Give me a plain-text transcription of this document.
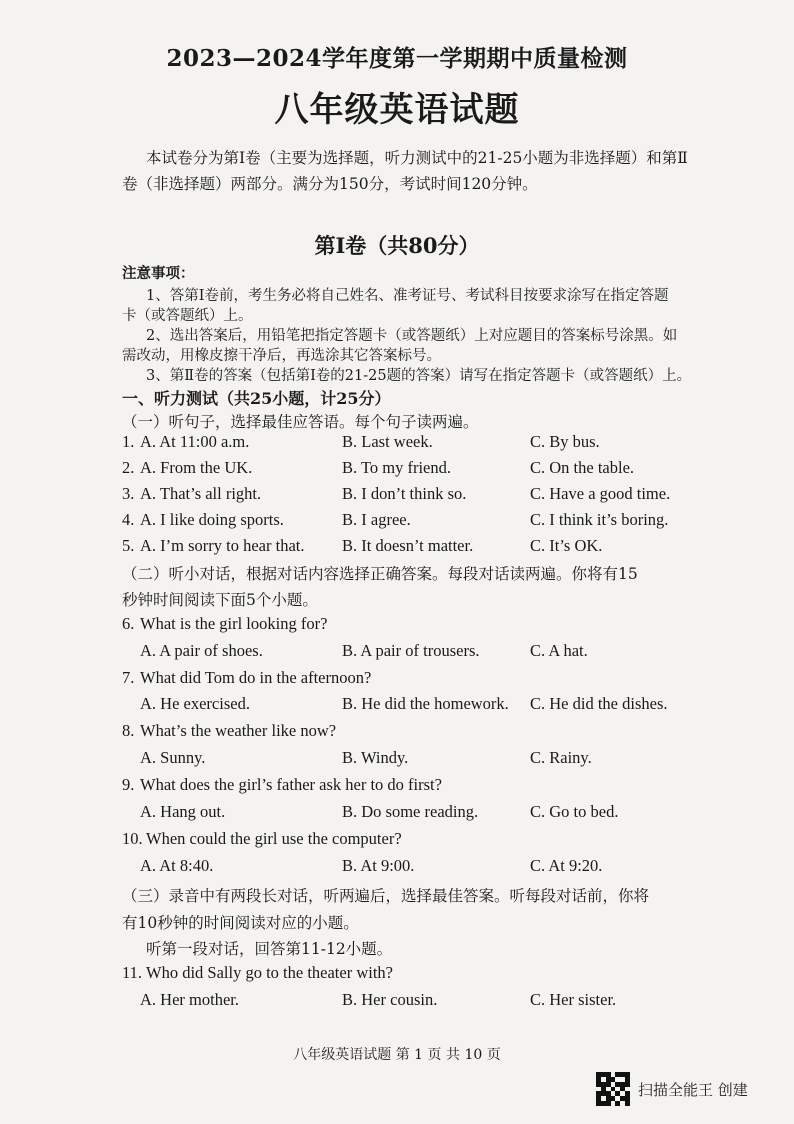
2023—2024学年度第一学期期中质量检测
八年级英语试题
本试卷分为第Ⅰ卷（主要为选择题，听力测试中的21-25小题为非选择题）和第Ⅱ
卷（非选择题）两部分。满分为150分，考试时间120分钟。
第Ⅰ卷（共80分）
注意事项：
1、答第Ⅰ卷前，考生务必将自己姓名、准考证号、考试科目按要求涂写在指定答题
卡（或答题纸）上。
2、选出答案后，用铅笔把指定答题卡（或答题纸）上对应题目的答案标号涂黑。如
需改动，用橡皮擦干净后，再选涂其它答案标号。
3、第Ⅱ卷的答案（包括第Ⅰ卷的21-25题的答案）请写在指定答题卡（或答题纸）上。
一、听力测试（共25小题，计25分）
（一）听句子，选择最佳应答语。每个句子读两遍。
1. A. At 11:00 a.m.	B. Last week.	C. By bus.
2. A. From the UK.	B. To my friend.	C. On the table.
3. A. That’s all right.	B. I don’t think so.	C. Have a good time.
4. A. I like doing sports.	B. I agree.	C. I think it’s boring.
5. A. I’m sorry to hear that. B. It doesn’t matter.	C. It’s OK.
（二）听小对话，根据对话内容选择正确答案。每段对话读两遍。你将有15
秒钟时间阅读下面5个小题。
6. What is the girl looking for?
A. A pair of shoes.	B. A pair of trousers.	C. A hat.
7. What did Tom do in the afternoon?
A. He exercised.	B. He did the homework. C. He did the dishes.
8. What’s the weather like now?
A. Sunny.	B. Windy.	C. Rainy.
9. What does the girl’s father ask her to do first?
A. Hang out.	B. Do some reading.	C. Go to bed.
10. When could the girl use the computer?
A. At 8:40.	B. At 9:00.	C. At 9:20.
（三）录音中有两段长对话，听两遍后，选择最佳答案。听每段对话前，你将
有10秒钟的时间阅读对应的小题。
听第一段对话，回答第11-12小题。
11. Who did Sally go to the theater with?
A. Her mother.	B. Her cousin.	C. Her sister.
八年级英语试题 第 1 页 共 10 页
扫描全能王 创建
